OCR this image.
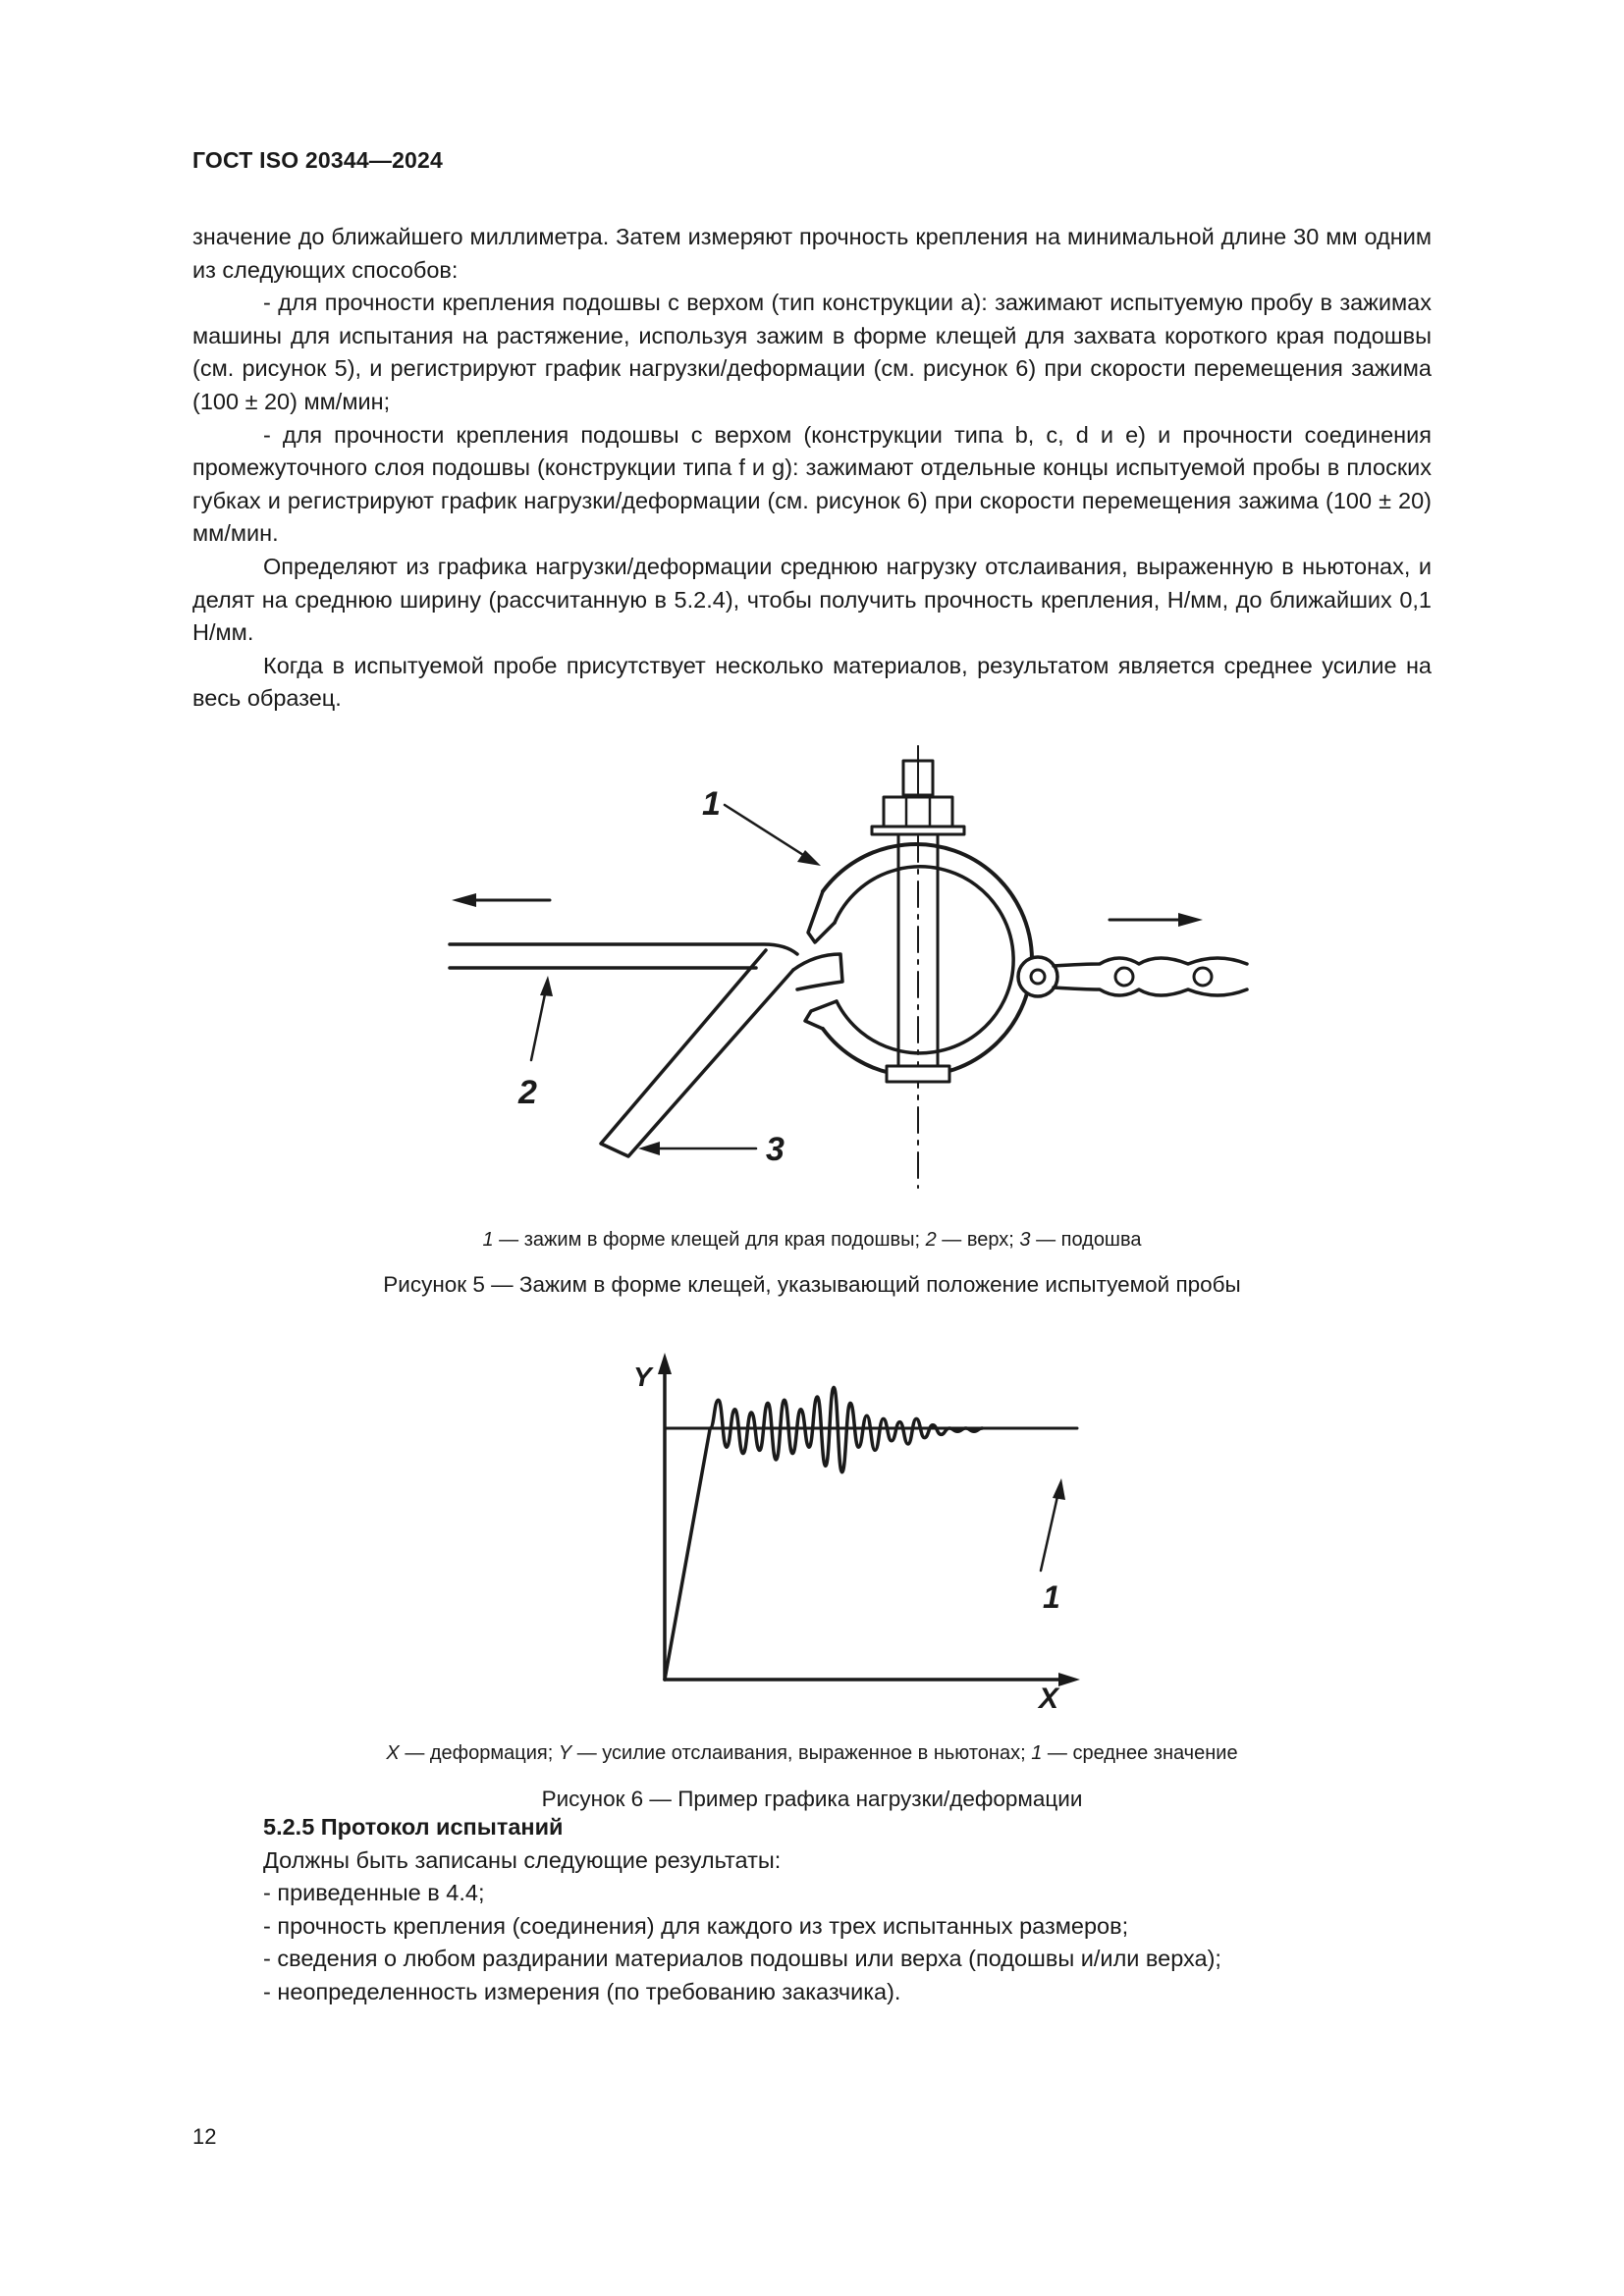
ГОСТ ISO 20344—2024

значение до ближайшего миллиметра. Затем измеряют прочность крепления на минимальной длине 30 мм одним из следующих способов:

- для прочности крепления подошвы с верхом (тип конструкции а): зажимают испытуемую пробу в зажимах машины для испытания на растяжение, используя зажим в форме клещей для захвата короткого края подошвы (см. рисунок 5), и регистрируют график нагрузки/деформации (см. рисунок 6) при скорости перемещения зажима (100 ± 20) мм/мин;

- для прочности крепления подошвы с верхом (конструкции типа b, c, d и e) и прочности соединения промежуточного слоя подошвы (конструкции типа f и g): зажимают отдельные концы испытуемой пробы в плоских губках и регистрируют график нагрузки/деформации (см. рисунок 6) при скорости перемещения зажима (100 ± 20) мм/мин.

Определяют из графика нагрузки/деформации среднюю нагрузку отслаивания, выраженную в ньютонах, и делят на среднюю ширину (рассчитанную в 5.2.4), чтобы получить прочность крепления, Н/мм, до ближайших 0,1 Н/мм.

Когда в испытуемой пробе присутствует несколько материалов, результатом является среднее усилие на весь образец.

1
2
3
1 — зажим в форме клещей для края подошвы; 2 — верх; 3 — подошва
Рисунок 5 — Зажим в форме клещей, указывающий положение испытуемой пробы
Y
X
1
X — деформация; Y — усилие отслаивания, выраженное в ньютонах; 1 — среднее значение
Рисунок 6 — Пример графика нагрузки/деформации

5.2.5 Протокол испытаний

Должны быть записаны следующие результаты:

- приведенные в 4.4;

- прочность крепления (соединения) для каждого из трех испытанных размеров;

- сведения о любом раздирании материалов подошвы или верха (подошвы и/или верха);

- неопределенность измерения (по требованию заказчика).

12
